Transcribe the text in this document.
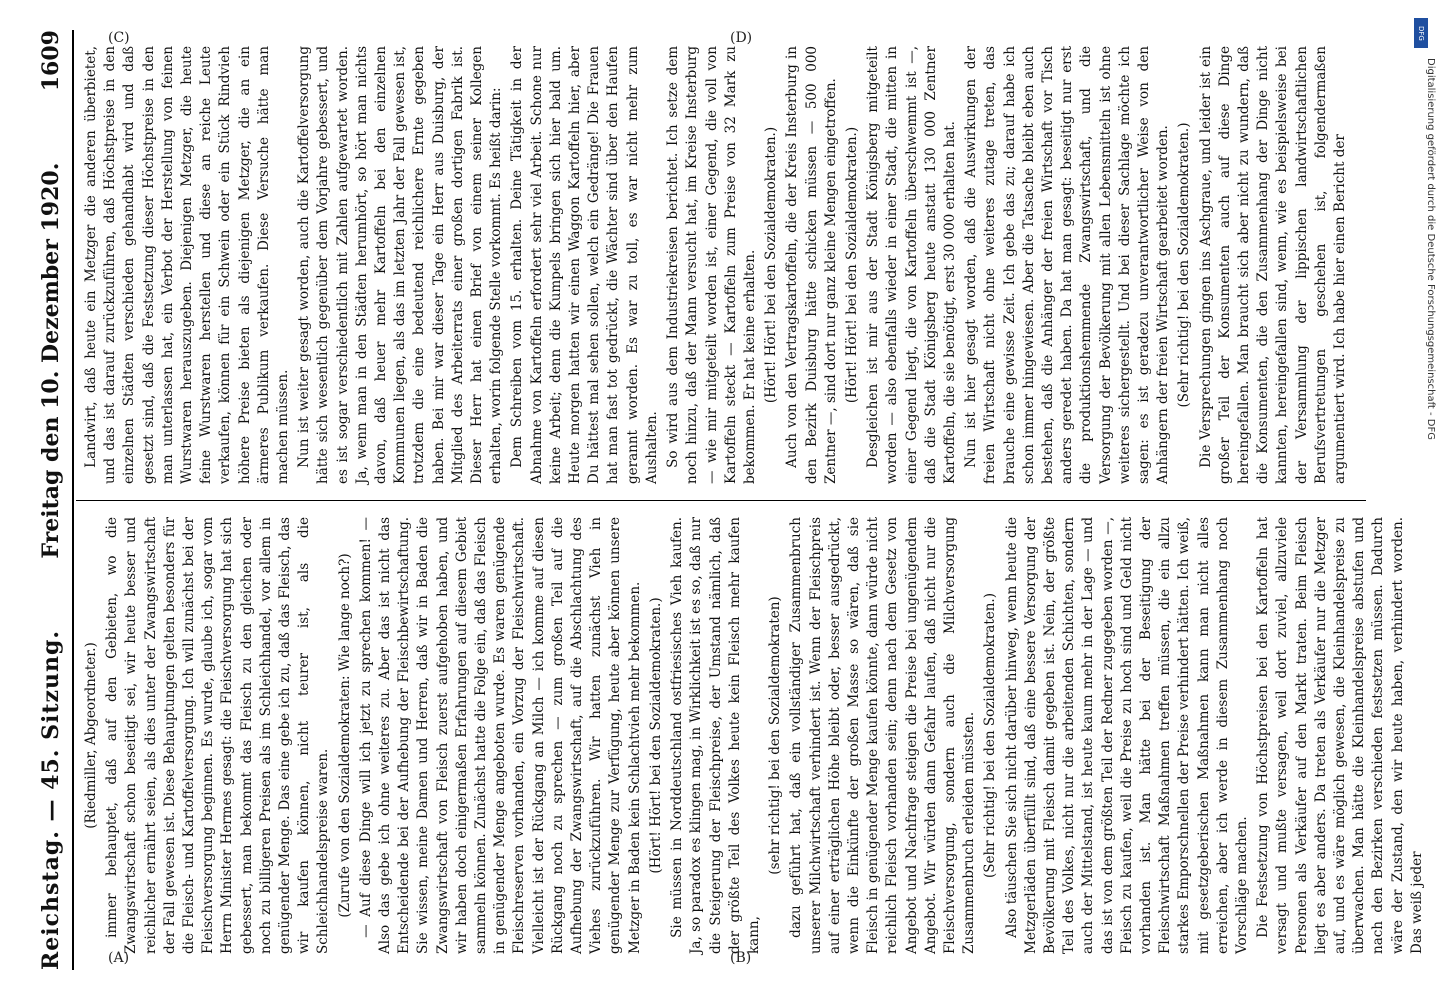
Reichstag. — 45. Sitzung.
Freitag den 10. Dezember 1920.
1609

(Riedmiller, Abgeordneter.) immer behauptet, daß auf den Gebieten, wo die Zwangswirtschaft schon beseitigt sei, wir heute besser und reichlicher ernährt seien, als dies unter der Zwangswirtschaft der Fall gewesen ist. Diese Behauptungen gelten besonders für die Fleisch- und Kartoffelversorgung. Ich will zunächst bei der Fleischversorgung beginnen. Es wurde, glaube ich, sogar vom Herrn Minister Hermes gesagt: die Fleischversorgung hat sich gebessert, man bekommt das Fleisch zu den gleichen oder noch zu billigeren Preisen als im Schleichhandel, vor allem in genügender Menge. Das eine gebe ich zu, daß das Fleisch, das wir kaufen können, nicht teurer ist, als die Schleichhandelspreise waren. (Zurufe von den Sozialdemokraten: Wie lange noch?) — Auf diese Dinge will ich jetzt zu sprechen kommen! — Also das gebe ich ohne weiteres zu. Aber das ist nicht das Entscheidende bei der Aufhebung der Fleischbewirtschaftung. Sie wissen, meine Damen und Herren, daß wir in Baden die Zwangswirtschaft von Fleisch zuerst aufgehoben haben, und wir haben doch einigermaßen Erfahrungen auf diesem Gebiet sammeln können. Zunächst hatte die Folge ein, daß das Fleisch in genügender Menge angeboten wurde. Es waren genügende Fleischreserven vorhanden, ein Vorzug der Fleischwirtschaft. Vielleicht ist der Rückgang an Milch — ich komme auf diesen Rückgang noch zu sprechen — zum großen Teil auf die Aufhebung der Zwangswirtschaft, auf die Abschlachtung des Viehes zurückzuführen. Wir hatten zunächst Vieh in genügender Menge zur Verfügung, heute aber können unsere Metzger in Baden kein Schlachtvieh mehr bekommen. (Hört! Hört! bei den Sozialdemokraten.) Sie müssen in Norddeutschland ostfriesisches Vieh kaufen. Ja, so paradox es klingen mag, in Wirklichkeit ist es so, daß nur die Steigerung der Fleischpreise, der Umstand nämlich, daß der größte Teil des Volkes heute kein Fleisch mehr kaufen kann,

(sehr richtig! bei den Sozialdemokraten) dazu geführt hat, daß ein vollständiger Zusammenbruch unserer Milchwirtschaft verhindert ist. Wenn der Fleischpreis auf einer erträglichen Höhe bleibt oder, besser ausgedrückt, wenn die Einkünfte der großen Masse so wären, daß sie Fleisch in genügender Menge kaufen könnte, dann würde nicht reichlich Fleisch vorhanden sein; denn nach dem Gesetz von Angebot und Nachfrage steigen die Preise bei ungenügendem Angebot. Wir würden dann Gefahr laufen, daß nicht nur die Fleischversorgung, sondern auch die Milchversorgung Zusammenbruch erleiden müssten. (Sehr richtig! bei den Sozialdemokraten.) Also täuschen Sie sich nicht darüber hinweg, wenn heute die Metzgerläden überfüllt sind, daß eine bessere Versorgung der Bevölkerung mit Fleisch damit gegeben ist. Nein, der größte Teil des Volkes, nicht nur die arbeitenden Schichten, sondern auch der Mittelstand, ist heute kaum mehr in der Lage — und das ist von dem größten Teil der Redner zugegeben worden —, Fleisch zu kaufen, weil die Preise zu hoch sind und Geld nicht vorhanden ist. Man hätte bei der Beseitigung der Fleischwirtschaft Maßnahmen treffen müssen, die ein allzu starkes Emporschnellen der Preise verhindert hätten. Ich weiß, mit gesetzgeberischen Maßnahmen kann man nicht alles erreichen, aber ich werde in diesem Zusammenhang noch Vorschläge machen. Die Festsetzung von Höchstpreisen bei den Kartoffeln hat versagt und mußte versagen, weil dort zuviel, allzuviele Personen als Verkäufer auf den Markt traten. Beim Fleisch liegt es aber anders. Da treten als Verkäufer nur die Metzger auf, und es wäre möglich gewesen, die Kleinhandelspreise zu überwachen. Man hätte die Kleinhandelspreise abstufen und nach den Bezirken verschieden festsetzen müssen. Dadurch wäre der Zustand, den wir heute haben, verhindert worden. Das weiß jeder

Landwirt, daß heute ein Metzger die anderen überbietet, und das ist darauf zurückzuführen, daß Höchstpreise in den einzelnen Städten verschieden gehandhabt wird und daß gesetzt sind, daß die Festsetzung dieser Höchstpreise in den man unterlassen hat, ein Verbot der Herstellung von feinen Wurstwaren herauszugeben. Diejenigen Metzger, die heute feine Wurstwaren herstellen und diese an reiche Leute verkaufen, können für ein Schwein oder ein Stück Rindvieh höhere Preise bieten als diejenigen Metzger, die an ein ärmeres Publikum verkaufen. Diese Versuche hätte man machen müssen. Nun ist weiter gesagt worden, auch die Kartoffelversorgung hätte sich wesentlich gegenüber dem Vorjahre gebessert, und es ist sogar verschiedentlich mit Zahlen aufgewartet worden. Ja, wenn man in den Städten herumhört, so hört man nichts davon, daß heuer mehr Kartoffeln bei den einzelnen Kommunen liegen, als das im letzten Jahr der Fall gewesen ist, trotzdem die eine bedeutend reichlichere Ernte gegeben haben. Bei mir war dieser Tage ein Herr aus Duisburg, der Mitglied des Arbeiterrats einer großen dortigen Fabrik ist. Dieser Herr hat einen Brief von einem seiner Kollegen erhalten, worin folgende Stelle vorkommt. Es heißt darin: Dem Schreiben vom 15. erhalten. Deine Tätigkeit in der Abnahme von Kartoffeln erfordert sehr viel Arbeit. Schone nur keine Arbeit; denn die Kumpels bringen sich hier bald um. Heute morgen hatten wir einen Waggon Kartoffeln hier, aber Du hättest mal sehen sollen, welch ein Gedränge! Die Frauen hat man fast tot gedrückt, die Wächter sind über den Haufen gerannt worden. Es war zu toll, es war nicht mehr zum Aushalten. So wird aus dem Industriekreisen berichtet. Ich setze dem noch hinzu, daß der Mann versucht hat, im Kreise Insterburg — wie mir mitgeteilt worden ist, einer Gegend, die voll von Kartoffeln steckt — Kartoffeln zum Preise von 32 Mark zu bekommen. Er hat keine erhalten. (Hört! Hört! bei den Sozialdemokraten.) Auch von den Vertragskartoffeln, die der Kreis Insterburg in den Bezirk Duisburg hätte schicken müssen — 500 000 Zentner —, sind dort nur ganz kleine Mengen eingetroffen. (Hört! Hört! bei den Sozialdemokraten.) Desgleichen ist mir aus der Stadt Königsberg mitgeteilt worden — also ebenfalls wieder in einer Stadt, die mitten in einer Gegend liegt, die von Kartoffeln überschwemmt ist —, daß die Stadt Königsberg heute anstatt 130 000 Zentner Kartoffeln, die sie benötigt, erst 30 000 erhalten hat. Nun ist hier gesagt worden, daß die Auswirkungen der freien Wirtschaft nicht ohne weiteres zutage treten, das brauche eine gewisse Zeit. Ich gebe das zu; darauf habe ich schon immer hingewiesen. Aber die Tatsache bleibt eben auch bestehen, daß die Anhänger der freien Wirtschaft vor Tisch anders geredet haben. Da hat man gesagt: beseitigt nur erst die produktionshemmende Zwangswirtschaft, und die Versorgung der Bevölkerung mit allen Lebensmitteln ist ohne weiteres sichergestellt. Und bei dieser Sachlage möchte ich sagen: es ist geradezu unverantwortlicher Weise von den Anhängern der freien Wirtschaft gearbeitet worden. (Sehr richtig! bei den Sozialdemokraten.) Die Versprechungen gingen ins Aschgraue, und leider ist ein großer Teil der Konsumenten auch auf diese Dinge hereingefallen. Man braucht sich aber nicht zu wundern, daß die Konsumenten, die den Zusammenhang der Dinge nicht kannten, hereingefallen sind, wenn, wie es beispielsweise bei der Versammlung der lippischen landwirtschaftlichen Berufsvertretungen geschehen ist, folgendermaßen argumentiert wird. Ich habe hier einen Bericht der

(A)	(B)
(C)	(D)	DFG
Digitalisierung gefördert durch die Deutsche Forschungsgemeinschaft - DFG
